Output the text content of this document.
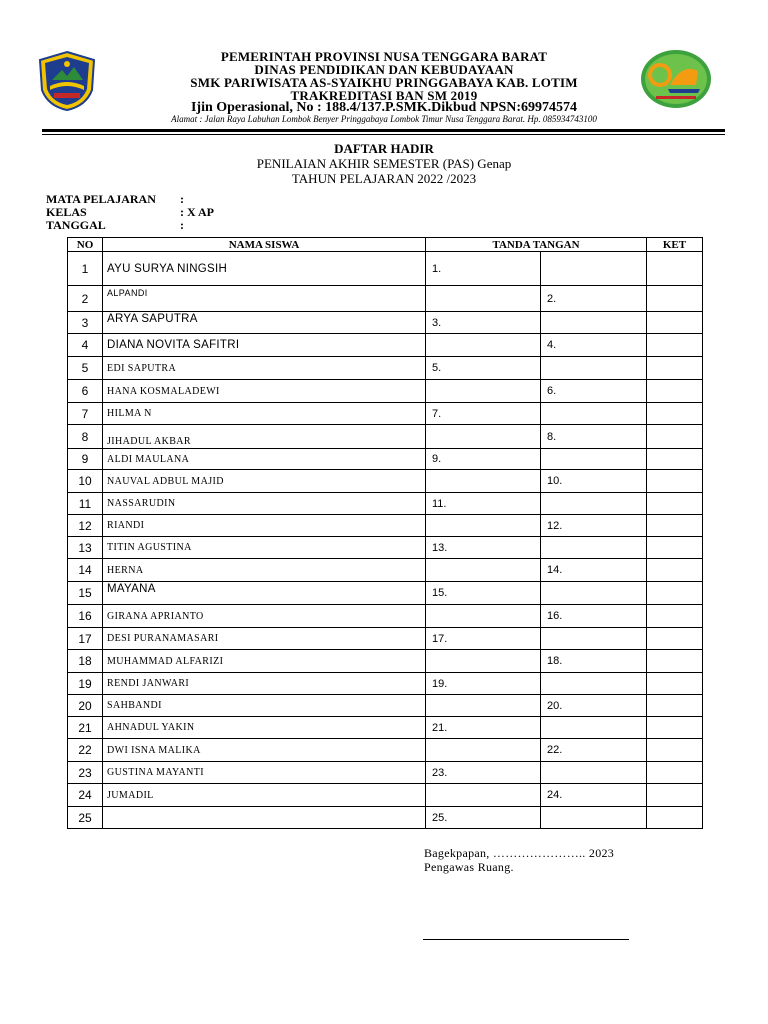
PEMERINTAH PROVINSI NUSA TENGGARA BARAT
DINAS PENDIDIKAN DAN KEBUDAYAAN
SMK PARIWISATA AS-SYAIKHU PRINGGABAYA KAB. LOTIM
TRAKREDITASI BAN SM 2019
Ijin Operasional, No : 188.4/137.P.SMK.Dikbud NPSN:69974574
Alamat : Jalan Raya Labuhan Lombok Benyer Pringgabaya Lombok Timur Nusa Tenggara Barat. Hp. 085934743100
DAFTAR HADIR
PENILAIAN AKHIR SEMESTER (PAS) Genap
TAHUN PELAJARAN 2022 /2023
MATA PELAJARAN :
KELAS	: X AP
TANGGAL	:
NO	NAMA SISWA	TANDA TANGAN		KET
1	AYU SURYA NINGSIH	1.		
2	ALPANDI		2.	
3	ARYA SAPUTRA	3.		
4	DIANA NOVITA SAFITRI		4.	
5	EDI SAPUTRA	5.		
6	HANA KOSMALADEWI		6.	
7	HILMA N	7.		
8	JIHADUL AKBAR		8.	
9	ALDI MAULANA	9.		
10	NAUVAL ADBUL MAJID		10.	
11	NASSARUDIN	11.		
12	RIANDI		12.	
13	TITIN AGUSTINA	13.		
14	HERNA		14.	
15	MAYANA	15.		
16	GIRANA APRIANTO		16.	
17	DESI PURANAMASARI	17.		
18	MUHAMMAD ALFARIZI		18.	
19	RENDI JANWARI	19.		
20	SAHBANDI		20.	
21	AHNADUL YAKIN	21.		
22	DWI ISNA MALIKA		22.	
23	GUSTINA MAYANTI	23.		
24	JUMADIL		24.	
25		25.		
Bagekpapan, ………………….. 2023
Pengawas Ruang.
